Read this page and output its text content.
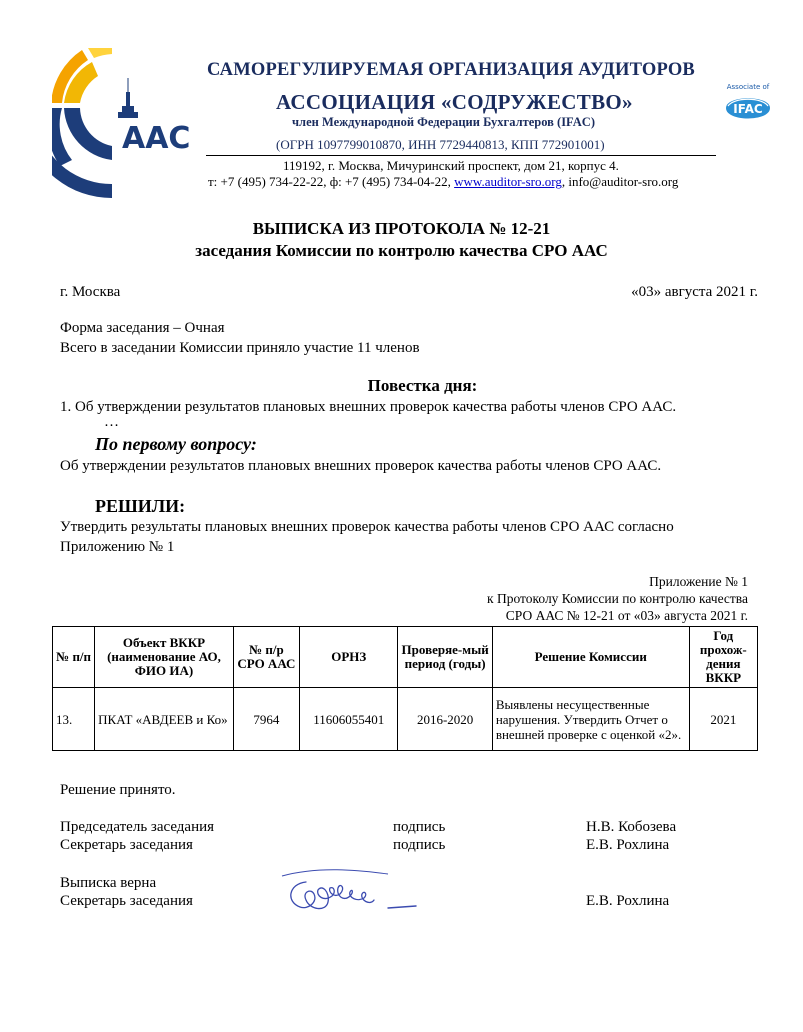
ААС
САМОРЕГУЛИРУЕМАЯ ОРГАНИЗАЦИЯ АУДИТОРОВ
АССОЦИАЦИЯ «СОДРУЖЕСТВО»
член Международной Федерации Бухгалтеров (IFAC)
(ОГРН 1097799010870, ИНН 7729440813, КПП 772901001)
119192, г. Москва, Мичуринский проспект, дом 21, корпус 4.
т: +7 (495) 734-22-22, ф: +7 (495) 734-04-22, www.auditor-sro.org, info@auditor-sro.org
Associate of
IFAC
ВЫПИСКА ИЗ ПРОТОКОЛА № 12-21
заседания Комиссии по контролю качества СРО ААС
г. Москва	«03» августа 2021 г.
Форма заседания – Очная
Всего в заседании Комиссии приняло участие 11 членов
Повестка дня:
1. Об утверждении результатов плановых внешних проверок качества работы членов СРО ААС.
…
По первому вопросу:
Об утверждении результатов плановых внешних проверок качества работы членов СРО ААС.
РЕШИЛИ:
Утвердить результаты плановых внешних проверок качества работы членов СРО ААС согласно
Приложению № 1
Приложение № 1
к Протоколу Комиссии по контролю качества
СРО ААС № 12-21 от «03» августа 2021 г.
№ п/п	Объект ВККР (наименование АО, ФИО ИА)	№ п/р СРО ААС	ОРНЗ	Проверяе-мый период (годы)	Решение Комиссии	Год прохож-дения ВККР
13.	ПКАТ «АВДЕЕВ и Ко»	7964	11606055401	2016-2020	Выявлены несущественные нарушения. Утвердить Отчет о внешней проверке с оценкой «2».	2021
Решение принято.
Председатель заседания	подпись	Н.В. Кобозева
Секретарь заседания	подпись	Е.В. Рохлина
Выписка верна
Секретарь заседания	Е.В. Рохлина
